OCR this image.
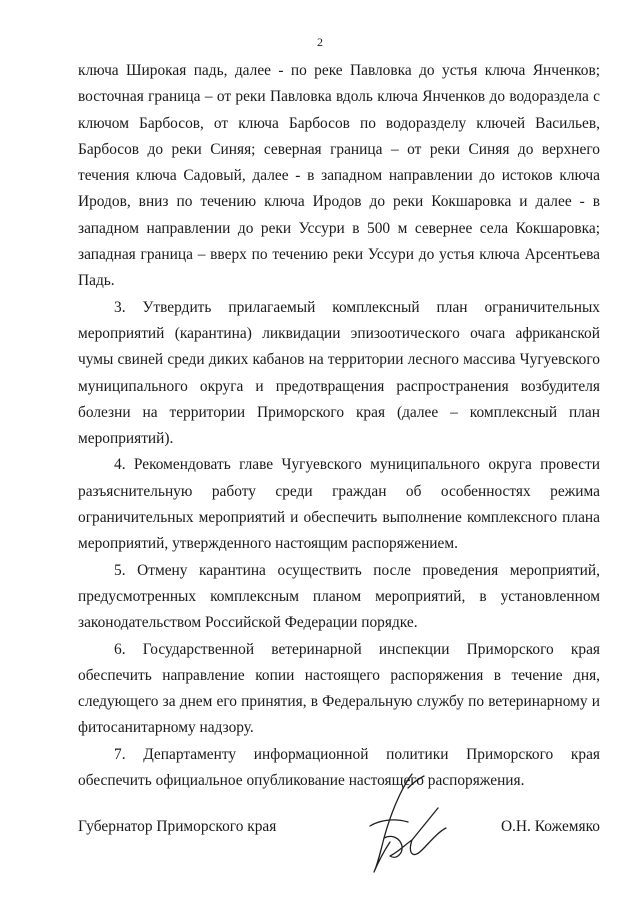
2

ключа Широкая падь, далее - по реке Павловка до устья ключа Янченков; восточная граница – от реки Павловка вдоль ключа Янченков до водораздела с ключом Барбосов, от ключа Барбосов по водоразделу ключей Васильев, Барбосов до реки Синяя; северная граница – от реки Синяя до верхнего течения ключа Садовый, далее - в западном направлении до истоков ключа Иродов, вниз по течению ключа Иродов до реки Кокшаровка и далее - в западном направлении до реки Уссури в 500 м севернее села Кокшаровка; западная граница – вверх по течению реки Уссури до устья ключа Арсентьева Падь.

3. Утвердить прилагаемый комплексный план ограничительных мероприятий (карантина) ликвидации эпизоотического очага африканской чумы свиней среди диких кабанов на территории лесного массива Чугуевского муниципального округа и предотвращения распространения возбудителя болезни на территории Приморского края (далее – комплексный план мероприятий).

4. Рекомендовать главе Чугуевского муниципального округа провести разъяснительную работу среди граждан об особенностях режима ограничительных мероприятий и обеспечить выполнение комплексного плана мероприятий, утвержденного настоящим распоряжением.

5. Отмену карантина осуществить после проведения мероприятий, предусмотренных комплексным планом мероприятий, в установленном законодательством Российской Федерации порядке.

6. Государственной ветеринарной инспекции Приморского края обеспечить направление копии настоящего распоряжения в течение дня, следующего за днем его принятия, в Федеральную службу по ветеринарному и фитосанитарному надзору.

7. Департаменту информационной политики Приморского края обеспечить официальное опубликование настоящего распоряжения.

Губернатор Приморского края	О.Н. Кожемяко
